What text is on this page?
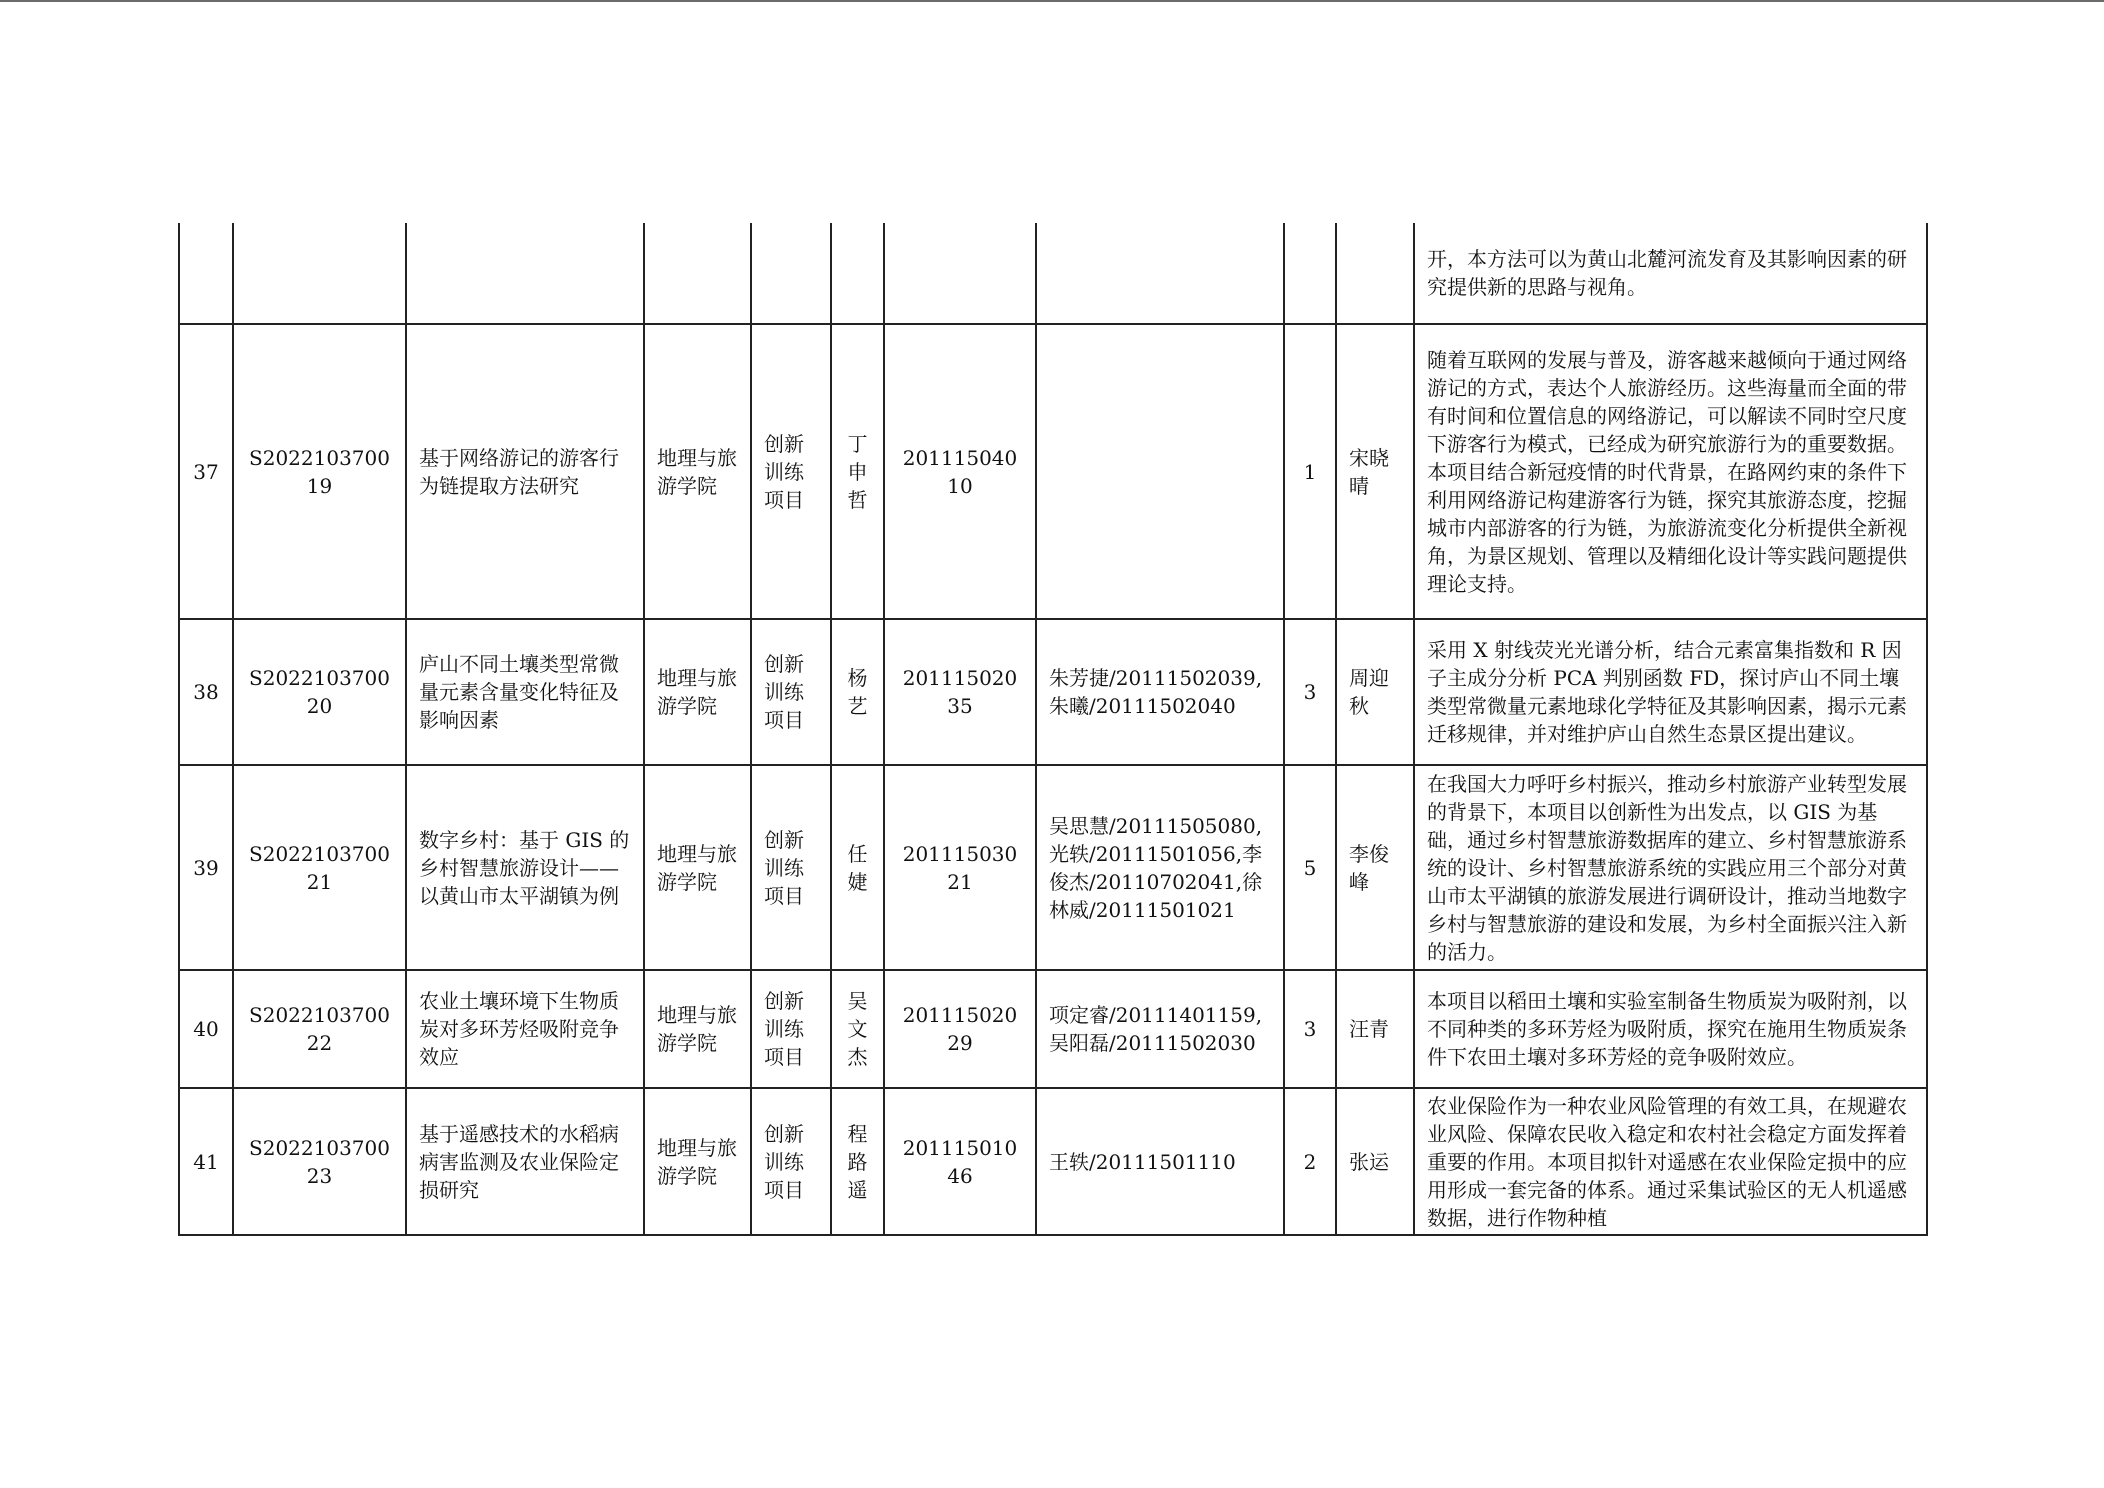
										开，本方法可以为黄山北麓河流发育及其影响因素的研究提供新的思路与视角。
37	S202210370019	基于网络游记的游客行为链提取方法研究	地理与旅游学院	创新训练项目	丁申哲	20111504010		1	宋晓晴	随着互联网的发展与普及，游客越来越倾向于通过网络游记的方式，表达个人旅游经历。这些海量而全面的带有时间和位置信息的网络游记，可以解读不同时空尺度下游客行为模式，已经成为研究旅游行为的重要数据。本项目结合新冠疫情的时代背景，在路网约束的条件下利用网络游记构建游客行为链，探究其旅游态度，挖掘城市内部游客的行为链，为旅游流变化分析提供全新视角，为景区规划、管理以及精细化设计等实践问题提供理论支持。
38	S202210370020	庐山不同土壤类型常微量元素含量变化特征及影响因素	地理与旅游学院	创新训练项目	杨艺	20111502035	朱芳捷/20111502039,朱曦/20111502040	3	周迎秋	采用 X 射线荧光光谱分析，结合元素富集指数和 R 因子主成分分析 PCA 判别函数 FD，探讨庐山不同土壤类型常微量元素地球化学特征及其影响因素，揭示元素迁移规律，并对维护庐山自然生态景区提出建议。
39	S202210370021	数字乡村：基于 GIS 的乡村智慧旅游设计——以黄山市太平湖镇为例	地理与旅游学院	创新训练项目	任婕	20111503021	吴思慧/20111505080,光轶/20111501056,李俊杰/20110702041,徐林威/20111501021	5	李俊峰	在我国大力呼吁乡村振兴，推动乡村旅游产业转型发展的背景下，本项目以创新性为出发点，以 GIS 为基础，通过乡村智慧旅游数据库的建立、乡村智慧旅游系统的设计、乡村智慧旅游系统的实践应用三个部分对黄山市太平湖镇的旅游发展进行调研设计，推动当地数字乡村与智慧旅游的建设和发展，为乡村全面振兴注入新的活力。
40	S202210370022	农业土壤环境下生物质炭对多环芳烃吸附竞争效应	地理与旅游学院	创新训练项目	吴文杰	20111502029	项定睿/20111401159,吴阳磊/20111502030	3	汪青	本项目以稻田土壤和实验室制备生物质炭为吸附剂，以不同种类的多环芳烃为吸附质，探究在施用生物质炭条件下农田土壤对多环芳烃的竞争吸附效应。
41	S202210370023	基于遥感技术的水稻病病害监测及农业保险定损研究	地理与旅游学院	创新训练项目	程路遥	20111501046	王轶/20111501110	2	张运	农业保险作为一种农业风险管理的有效工具，在规避农业风险、保障农民收入稳定和农村社会稳定方面发挥着重要的作用。本项目拟针对遥感在农业保险定损中的应用形成一套完备的体系。通过采集试验区的无人机遥感数据，进行作物种植
